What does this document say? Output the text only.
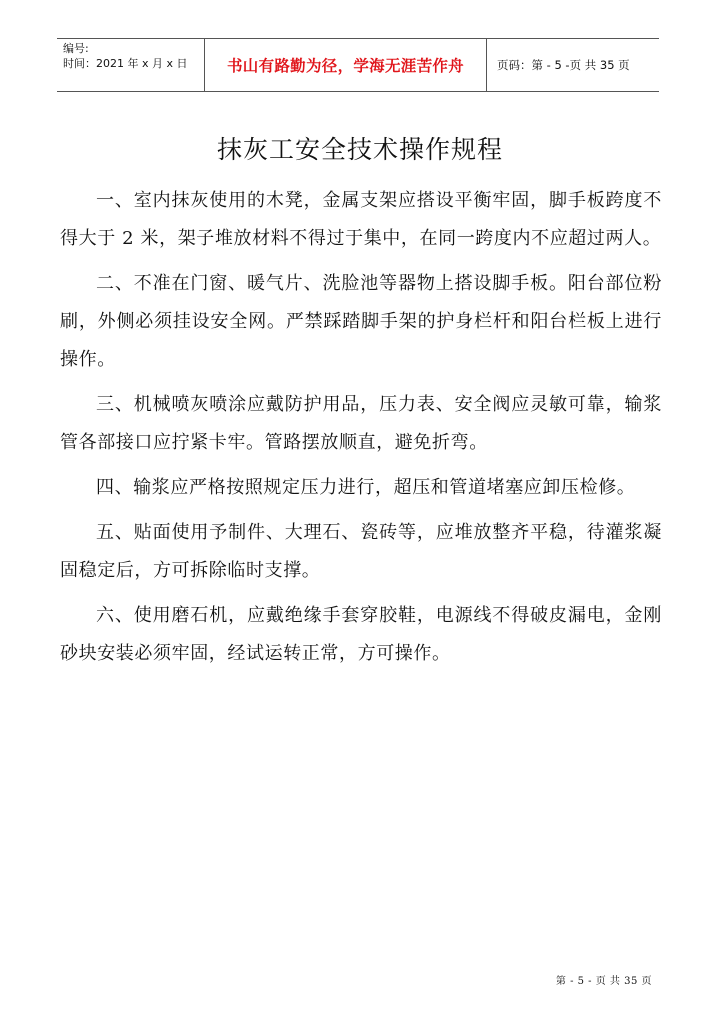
编号:
时间：2021 年 x 月 x 日	书山有路勤为径，学海无涯苦作舟	页码：第 - 5 -页 共 35 页
抹灰工安全技术操作规程

一、室内抹灰使用的木凳，金属支架应搭设平衡牢固，脚手板跨度不得大于 2 米，架子堆放材料不得过于集中，在同一跨度内不应超过两人。

二、不准在门窗、暖气片、洗脸池等器物上搭设脚手板。阳台部位粉刷，外侧必须挂设安全网。严禁踩踏脚手架的护身栏杆和阳台栏板上进行操作。

三、机械喷灰喷涂应戴防护用品，压力表、安全阀应灵敏可靠，输浆管各部接口应拧紧卡牢。管路摆放顺直，避免折弯。

四、输浆应严格按照规定压力进行，超压和管道堵塞应卸压检修。

五、贴面使用予制件、大理石、瓷砖等，应堆放整齐平稳，待灌浆凝固稳定后，方可拆除临时支撑。

六、使用磨石机，应戴绝缘手套穿胶鞋，电源线不得破皮漏电，金刚砂块安装必须牢固，经试运转正常，方可操作。

第 - 5 - 页 共 35 页
